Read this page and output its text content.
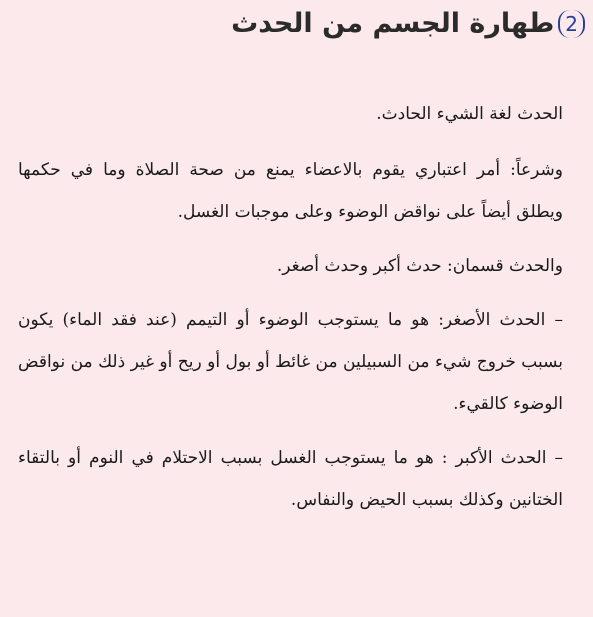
2
طهارة الجسم من الحدث

الحدث لغة الشيء الحادث.

وشرعاً: أمر اعتباري يقوم بالاعضاء يمنع من صحة الصلاة وما في حكمها ويطلق أيضاً على نواقض الوضوء وعلى موجبات الغسل.

والحدث قسمان: حدث أكبر وحدث أصغر.

– الحدث الأصغر: هو ما يستوجب الوضوء أو التيمم (عند فقد الماء) يكون بسبب خروج شيء من السبيلين من غائط أو بول أو ريح أو غير ذلك من نواقض الوضوء كالقيء.

– الحدث الأكبر : هو ما يستوجب الغسل بسبب الاحتلام في النوم أو بالتقاء الختانين وكذلك بسبب الحيض والنفاس.
